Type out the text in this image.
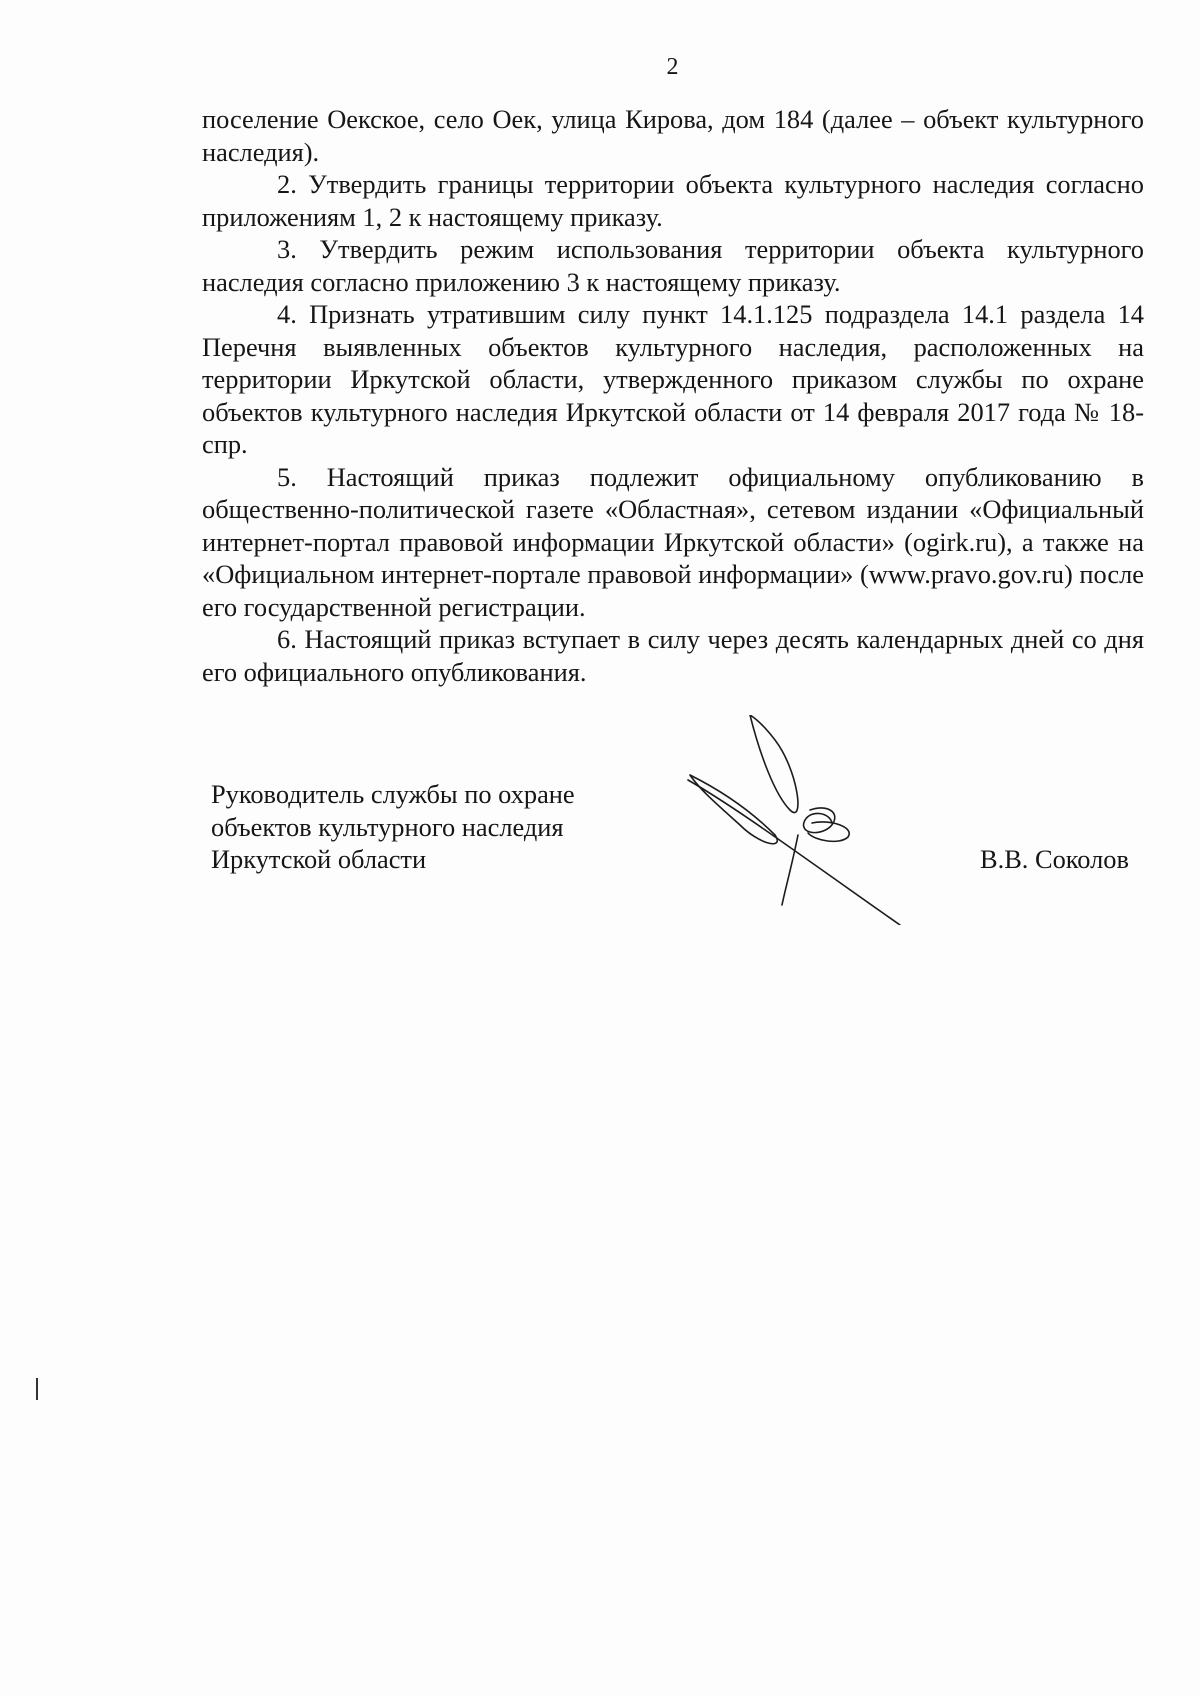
2

поселение Оекское, село Оек, улица Кирова, дом 184 (далее – объект культурного наследия).

2. Утвердить границы территории объекта культурного наследия согласно приложениям 1, 2 к настоящему приказу.

3. Утвердить режим использования территории объекта культурного наследия согласно приложению 3 к настоящему приказу.

4. Признать утратившим силу пункт 14.1.125 подраздела 14.1 раздела 14 Перечня выявленных объектов культурного наследия, расположенных на территории Иркутской области, утвержденного приказом службы по охране объектов культурного наследия Иркутской области от 14 февраля 2017 года № 18-спр.

5. Настоящий приказ подлежит официальному опубликованию в общественно-политической газете «Областная», сетевом издании «Официальный интернет-портал правовой информации Иркутской области» (ogirk.ru), а также на «Официальном интернет-портале правовой информации» (www.pravo.gov.ru) после его государственной регистрации.

6. Настоящий приказ вступает в силу через десять календарных дней со дня его официального опубликования.

Руководитель службы по охране
объектов культурного наследия
Иркутской области	В.В. Соколов
